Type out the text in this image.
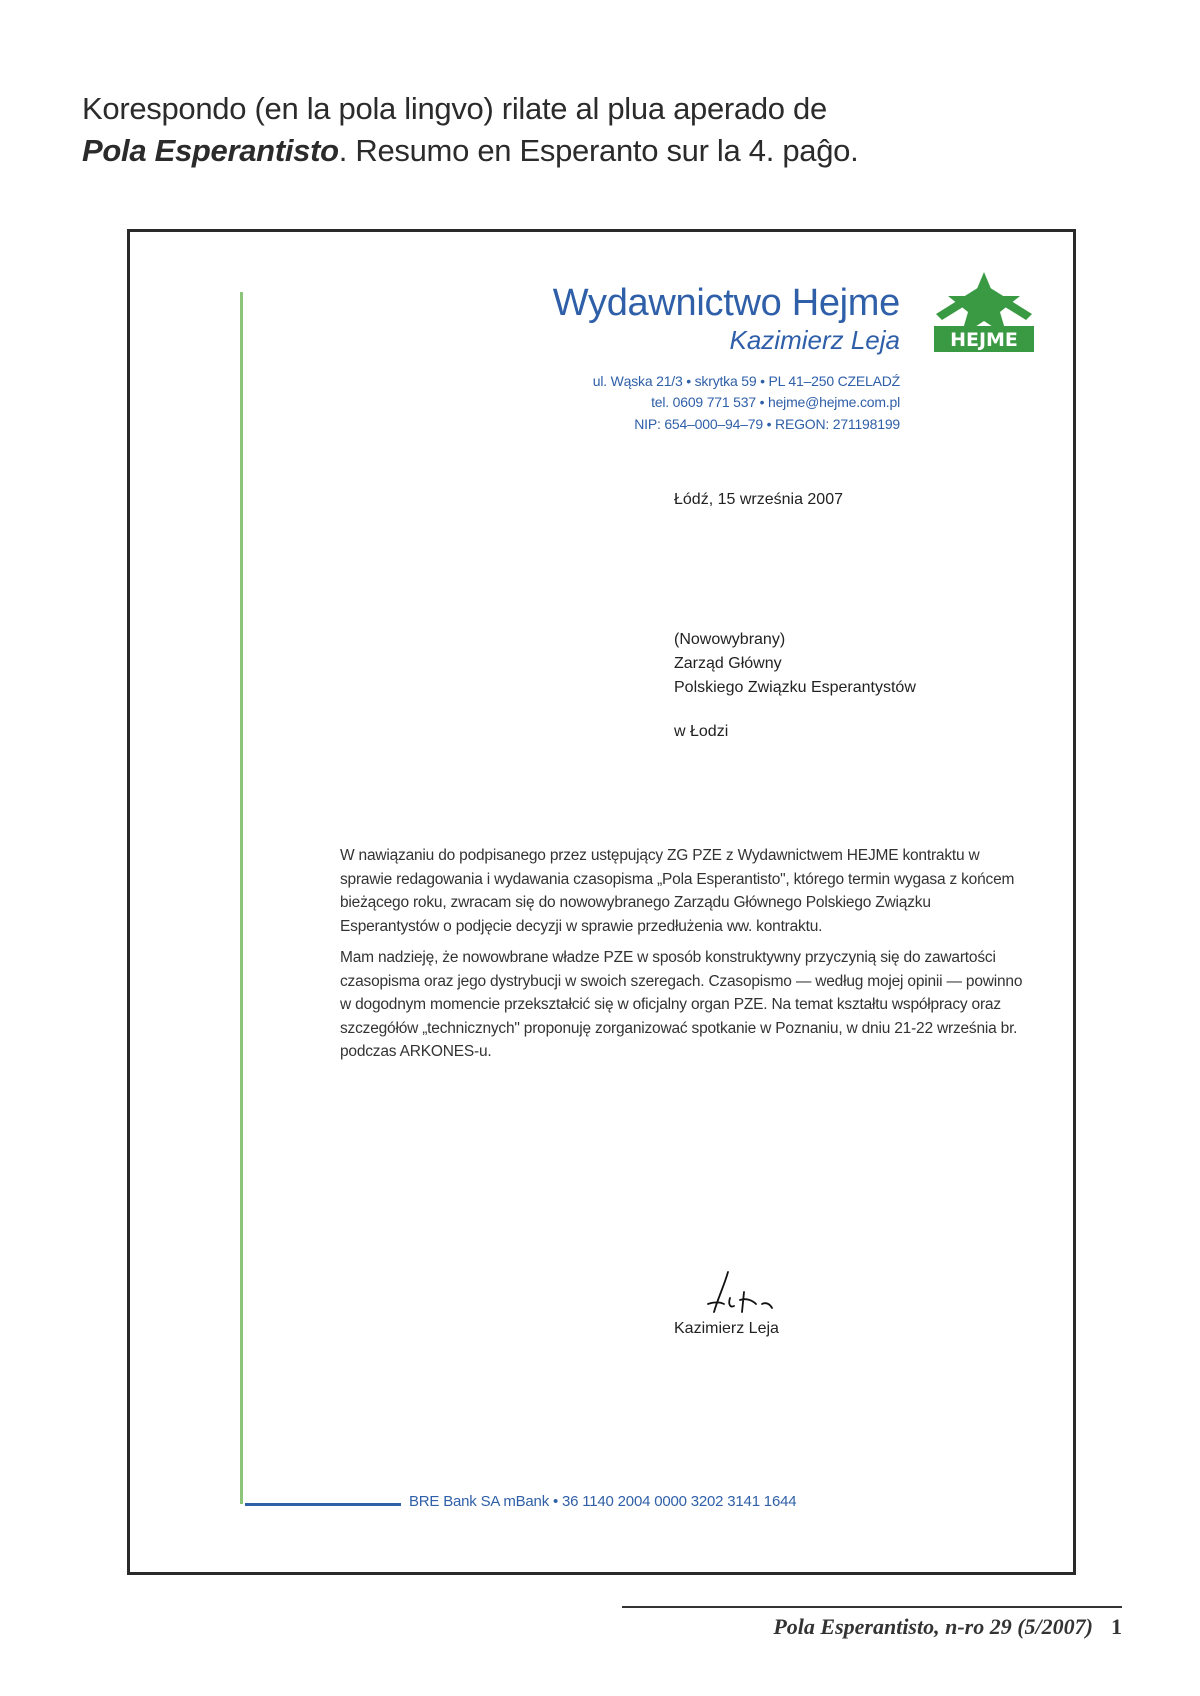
Korespondo (en la pola lingvo) rilate al plua aperado de
Pola Esperantisto. Resumo en Esperanto sur la 4. paĝo.
BRE Bank SA mBank • 36 1140 2004 0000 3202 3141 1644
Wydawnictwo Hejme
Kazimierz Leja
ul. Wąska 21/3 • skrytka 59 • PL 41–250 CZELADŹ
tel. 0609 771 537 • hejme@hejme.com.pl
NIP: 654–000–94–79 • REGON: 271198199
HEJME
Łódź, 15 września 2007
(Nowowybrany)
Zarząd Główny
Polskiego Związku Esperantystów
w Łodzi

W nawiązaniu do podpisanego przez ustępujący ZG PZE z Wydawnictwem HEJME kontraktu w sprawie redagowania i wydawania czasopisma „Pola Esperantisto", którego termin wygasa z końcem bieżącego roku, zwracam się do nowowybranego Zarządu Głównego Polskiego Związku Esperantystów o podjęcie decyzji w sprawie przedłużenia ww. kontraktu.

Mam nadzieję, że nowowbrane władze PZE w sposób konstruktywny przyczynią się do zawartości czasopisma oraz jego dystrybucji w swoich szeregach. Czasopismo — według mojej opinii — powinno w dogodnym momencie przekształcić się w oficjalny organ PZE. Na temat kształtu współpracy oraz szczegółów „technicznych" proponuję zorganizować spotkanie w Poznaniu, w dniu 21-22 września br. podczas ARKONES-u.

Kazimierz Leja
Pola Esperantisto, n-ro 29 (5/2007) 1
